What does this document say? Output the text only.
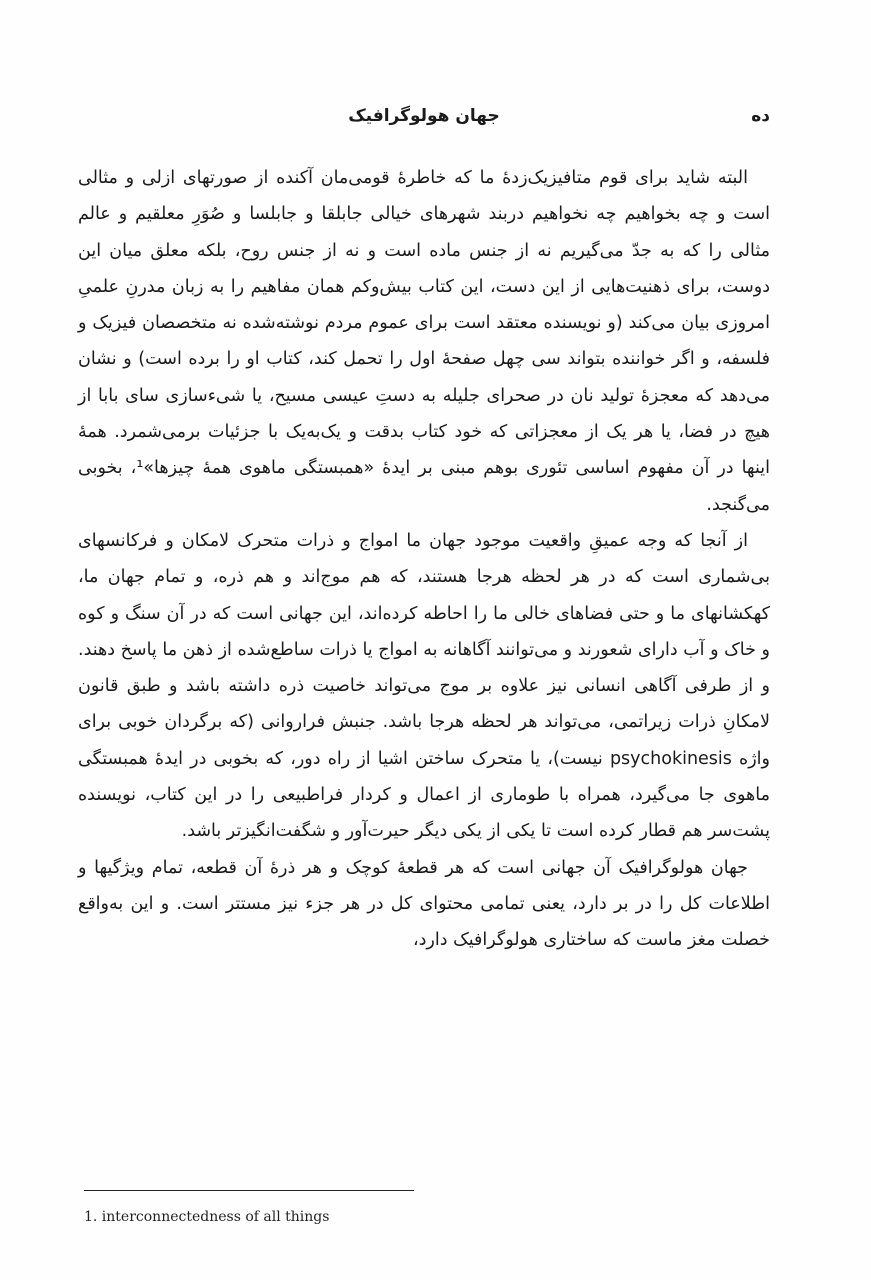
جهان هولوگرافیک	ده

البته شاید برای قوم متافیزیک‌زدهٔ ما که خاطرهٔ قومی‌مان آکنده از صورتهای ازلی و مثالی است و چه بخواهیم چه نخواهیم دربند شهرهای خیالی جابلقا و جابلسا و صُوَرِ معلقیم و عالم مثالی را که به جدّ می‌گیریم نه از جنس ماده است و نه از جنس روح، بلکه معلق میان این دوست، برای ذهنیت‌هایی از این دست، این کتاب بیش‌وکم همان مفاهیم را به زبان مدرنِ علمیِ امروزی بیان می‌کند (و نویسنده معتقد است برای عموم مردم نوشته‌شده نه متخصصان فیزیک و فلسفه، و اگر خواننده بتواند سی چهل صفحهٔ اول را تحمل کند، کتاب او را برده است) و نشان می‌دهد که معجزهٔ تولید نان در صحرای جلیله به دستِ عیسی مسیح، یا شی‌ءسازی سای بابا از هیچ در فضا، یا هر یک از معجزاتی که خود کتاب بدقت و یک‌به‌یک با جزئیات برمی‌شمرد. همهٔ اینها در آن مفهوم اساسی تئوری بوهم مبنی بر ایدهٔ «همبستگی ماهوی همهٔ چیزها»¹، بخوبی می‌گنجد.

از آنجا که وجه عمیقِ واقعیت موجود جهان ما امواج و ذرات متحرک لامکان و فرکانسهای بی‌شماری است که در هر لحظه هرجا هستند، که هم موج‌اند و هم ذره، و تمام جهان ما، کهکشانهای ما و حتی فضاهای خالی ما را احاطه کرده‌اند، این جهانی است که در آن سنگ و کوه و خاک و آب دارای شعورند و می‌توانند آگاهانه به امواج یا ذرات ساطع‌شده از ذهن ما پاسخ دهند. و از طرفی آگاهی انسانی نیز علاوه بر موج می‌تواند خاصیت ذره داشته باشد و طبق قانون لامکانِ ذرات زیراتمی، می‌تواند هر لحظه هرجا باشد. جنبش فراروانی (که برگردان خوبی برای واژه psychokinesis نیست)، یا متحرک ساختن اشیا از راه دور، که بخوبی در ایدهٔ همبستگی ماهوی جا می‌گیرد، همراه با طوماری از اعمال و کردار فراطبیعی را در این کتاب، نویسنده پشت‌سر هم قطار کرده است تا یکی از یکی دیگر حیرت‌آور و شگفت‌انگیزتر باشد.

جهان هولوگرافیک آن جهانی است که هر قطعهٔ کوچک و هر ذرهٔ آن قطعه، تمام ویژگیها و اطلاعات کل را در بر دارد، یعنی تمامی محتوای کل در هر جزء نیز مستتر است. و این به‌واقع خصلت مغز ماست که ساختاری هولوگرافیک دارد،

1. interconnectedness of all things
